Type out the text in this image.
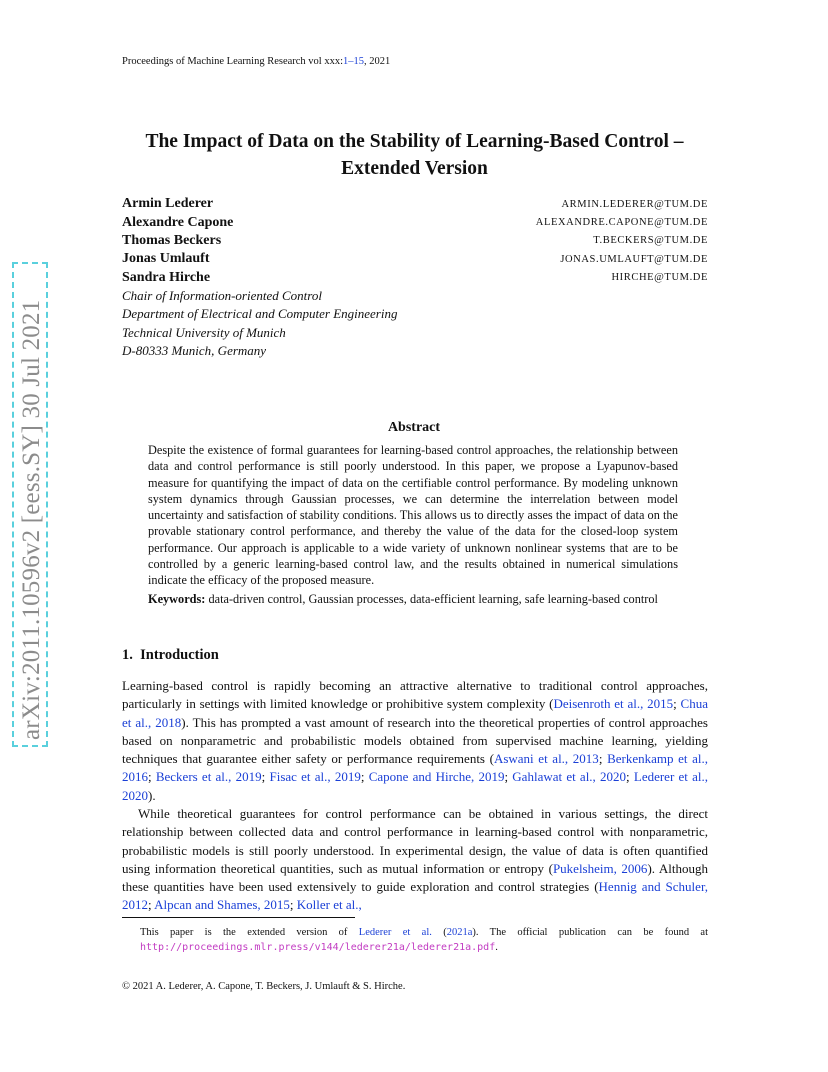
Proceedings of Machine Learning Research vol xxx:1–15, 2021
arXiv:2011.10596v2 [eess.SY] 30 Jul 2021
The Impact of Data on the Stability of Learning-Based Control –
Extended Version
Armin Lederer	ARMIN.LEDERER@TUM.DE
Alexandre Capone	ALEXANDRE.CAPONE@TUM.DE
Thomas Beckers	T.BECKERS@TUM.DE
Jonas Umlauft	JONAS.UMLAUFT@TUM.DE
Sandra Hirche	HIRCHE@TUM.DE
Chair of Information-oriented Control
Department of Electrical and Computer Engineering
Technical University of Munich
D-80333 Munich, Germany
Abstract
Despite the existence of formal guarantees for learning-based control approaches, the relationship between data and control performance is still poorly understood. In this paper, we propose a Lyapunov-based measure for quantifying the impact of data on the certifiable control performance. By modeling unknown system dynamics through Gaussian processes, we can determine the interrelation between model uncertainty and satisfaction of stability conditions. This allows us to directly asses the impact of data on the provable stationary control performance, and thereby the value of the data for the closed-loop system performance. Our approach is applicable to a wide variety of unknown nonlinear systems that are to be controlled by a generic learning-based control law, and the results obtained in numerical simulations indicate the efficacy of the proposed measure.
Keywords: data-driven control, Gaussian processes, data-efficient learning, safe learning-based control
1. Introduction
Learning-based control is rapidly becoming an attractive alternative to traditional control approaches, particularly in settings with limited knowledge or prohibitive system complexity (Deisenroth et al., 2015; Chua et al., 2018). This has prompted a vast amount of research into the theoretical properties of control approaches based on nonparametric and probabilistic models obtained from supervised machine learning, yielding techniques that guarantee either safety or performance requirements (Aswani et al., 2013; Berkenkamp et al., 2016; Beckers et al., 2019; Fisac et al., 2019; Capone and Hirche, 2019; Gahlawat et al., 2020; Lederer et al., 2020).
While theoretical guarantees for control performance can be obtained in various settings, the direct relationship between collected data and control performance in learning-based control with nonparametric, probabilistic models is still poorly understood. In experimental design, the value of data is often quantified using information theoretical quantities, such as mutual information or entropy (Pukelsheim, 2006). Although these quantities have been used extensively to guide exploration and control strategies (Hennig and Schuler, 2012; Alpcan and Shames, 2015; Koller et al.,
This paper is the extended version of Lederer et al. (2021a). The official publication can be found at http://proceedings.mlr.press/v144/lederer21a/lederer21a.pdf.
© 2021 A. Lederer, A. Capone, T. Beckers, J. Umlauft & S. Hirche.
